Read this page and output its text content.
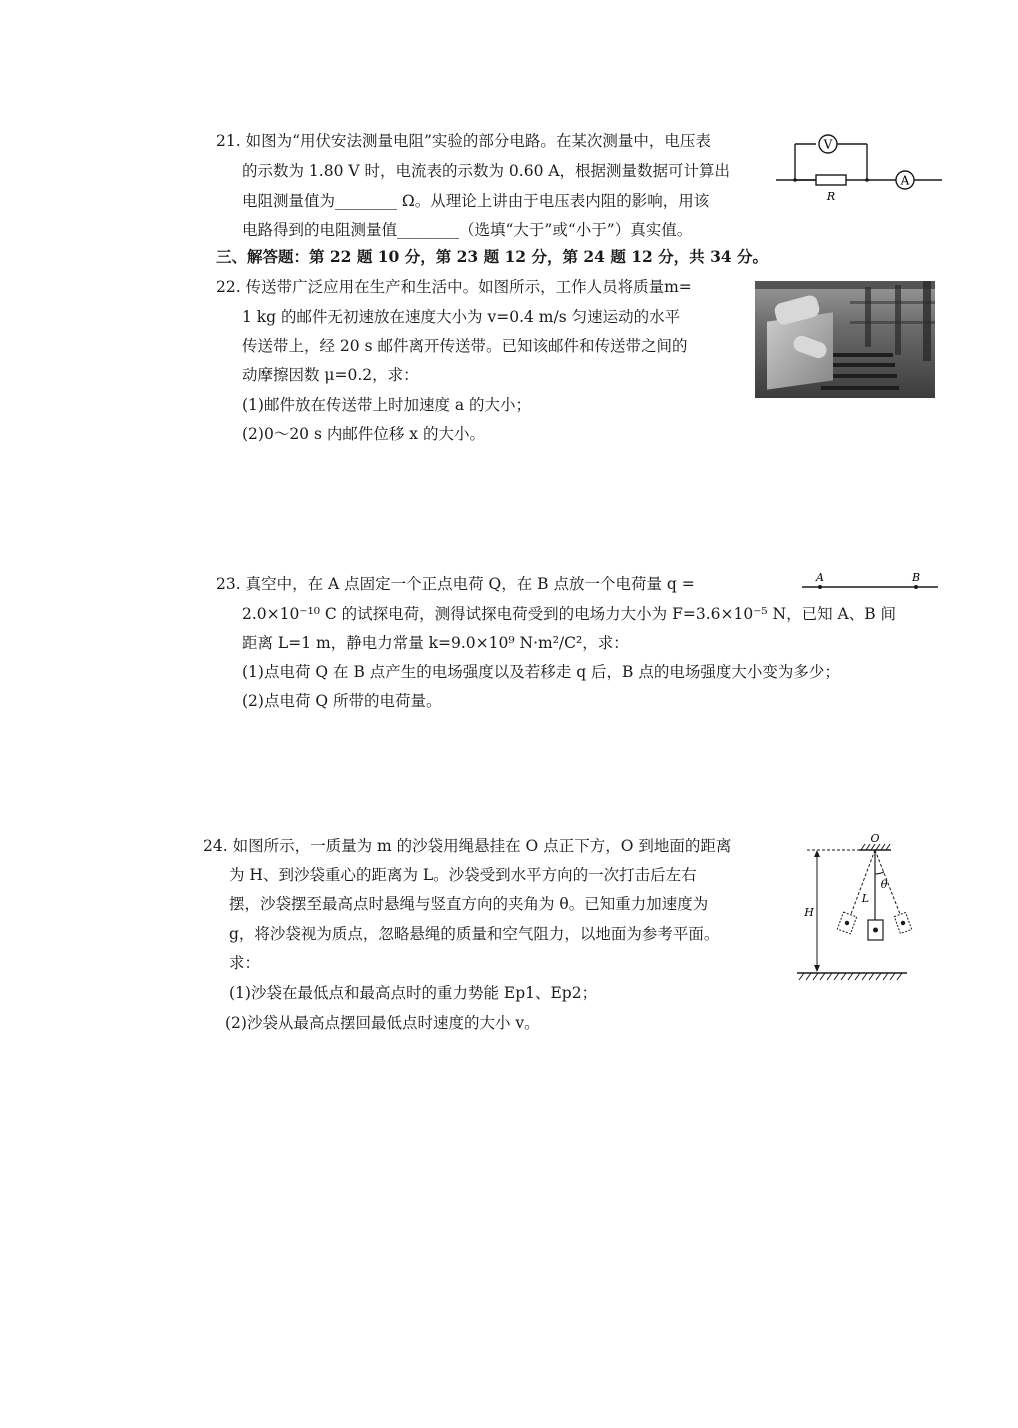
21. 如图为“用伏安法测量电阻”实验的部分电路。在某次测量中，电压表
的示数为 1.80 V 时，电流表的示数为 0.60 A，根据测量数据可计算出
电阻测量值为________ Ω。从理论上讲由于电压表内阻的影响，用该
电路得到的电阻测量值________（选填“大于”或“小于”）真实值。
V
A
R
三、解答题：第 22 题 10 分，第 23 题 12 分，第 24 题 12 分，共 34 分。
22. 传送带广泛应用在生产和生活中。如图所示，工作人员将质量m=
1 kg 的邮件无初速放在速度大小为 v=0.4 m/s 匀速运动的水平
传送带上，经 20 s 邮件离开传送带。已知该邮件和传送带之间的
动摩擦因数 μ=0.2，求：
(1)邮件放在传送带上时加速度 a 的大小；
(2)0～20 s 内邮件位移 x 的大小。
23. 真空中，在 A 点固定一个正点电荷 Q，在 B 点放一个电荷量 q =
2.0×10⁻¹⁰ C 的试探电荷，测得试探电荷受到的电场力大小为 F=3.6×10⁻⁵ N，已知 A、B 间
距离 L=1 m，静电力常量 k=9.0×10⁹ N·m²/C²，求：
(1)点电荷 Q 在 B 点产生的电场强度以及若移走 q 后，B 点的电场强度大小变为多少；
(2)点电荷 Q 所带的电荷量。
A	B
24. 如图所示，一质量为 m 的沙袋用绳悬挂在 O 点正下方，O 到地面的距离
为 H、到沙袋重心的距离为 L。沙袋受到水平方向的一次打击后左右
摆，沙袋摆至最高点时悬绳与竖直方向的夹角为 θ。已知重力加速度为
g，将沙袋视为质点，忽略悬绳的质量和空气阻力，以地面为参考平面。
求：
(1)沙袋在最低点和最高点时的重力势能 Ep1、Ep2；
(2)沙袋从最高点摆回最低点时速度的大小 v。
O
H
L
θ
